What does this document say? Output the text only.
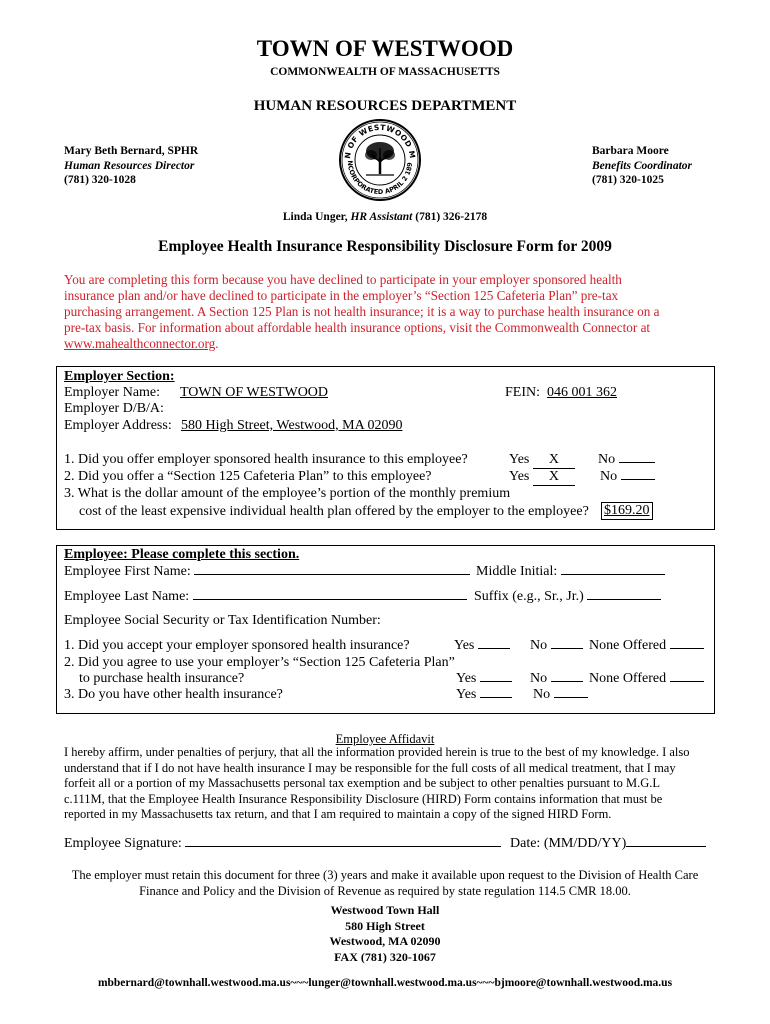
TOWN OF WESTWOOD
COMMONWEALTH OF MASSACHUSETTS
HUMAN RESOURCES DEPARTMENT
Mary Beth Bernard, SPHR
Human Resources Director
(781) 320-1028
Barbara Moore
Benefits Coordinator
(781) 320-1025
N OF WESTWOOD M
NCORPORATED APRIL 2 189
Linda Unger, HR Assistant (781) 326-2178
Employee Health Insurance Responsibility Disclosure Form for 2009
You are completing this form because you have declined to participate in your employer sponsored health
insurance plan and/or have declined to participate in the employer’s “Section 125 Cafeteria Plan” pre-tax
purchasing arrangement. A Section 125 Plan is not health insurance; it is a way to purchase health insurance on a
pre-tax basis. For information about affordable health insurance options, visit the Commonwealth Connector at
www.mahealthconnector.org.
Employer Section:
Employer Name: TOWN OF WESTWOOD	FEIN: 046 001 362
Employer D/B/A:
Employer Address: 580 High Street, Westwood, MA 02090
1. Did you offer employer sponsored health insurance to this employee?	Yes X	No
2. Did you offer a “Section 125 Cafeteria Plan” to this employee?	Yes X	No
3. What is the dollar amount of the employee’s portion of the monthly premium
cost of the least expensive individual health plan offered by the employer to the employee? $169.20
Employee: Please complete this section.
Employee First Name:	Middle Initial:
Employee Last Name:	Suffix (e.g., Sr., Jr.)
Employee Social Security or Tax Identification Number:
1. Did you accept your employer sponsored health insurance?	Yes	No	None Offered
2. Did you agree to use your employer’s “Section 125 Cafeteria Plan”
to purchase health insurance?	Yes	No	None Offered
3. Do you have other health insurance?	Yes	No
Employee Affidavit
I hereby affirm, under penalties of perjury, that all the information provided herein is true to the best of my knowledge. I also
understand that if I do not have health insurance I may be responsible for the full costs of all medical treatment, that I may
forfeit all or a portion of my Massachusetts personal tax exemption and be subject to other penalties pursuant to M.G.L
c.111M, that the Employee Health Insurance Responsibility Disclosure (HIRD) Form contains information that must be
reported in my Massachusetts tax return, and that I am required to maintain a copy of the signed HIRD Form.
Employee Signature:	Date: (MM/DD/YY)
The employer must retain this document for three (3) years and make it available upon request to the Division of Health Care
Finance and Policy and the Division of Revenue as required by state regulation 114.5 CMR 18.00.
Westwood Town Hall
580 High Street
Westwood, MA 02090
FAX (781) 320-1067
mbbernard@townhall.westwood.ma.us~~~lunger@townhall.westwood.ma.us~~~bjmoore@townhall.westwood.ma.us
